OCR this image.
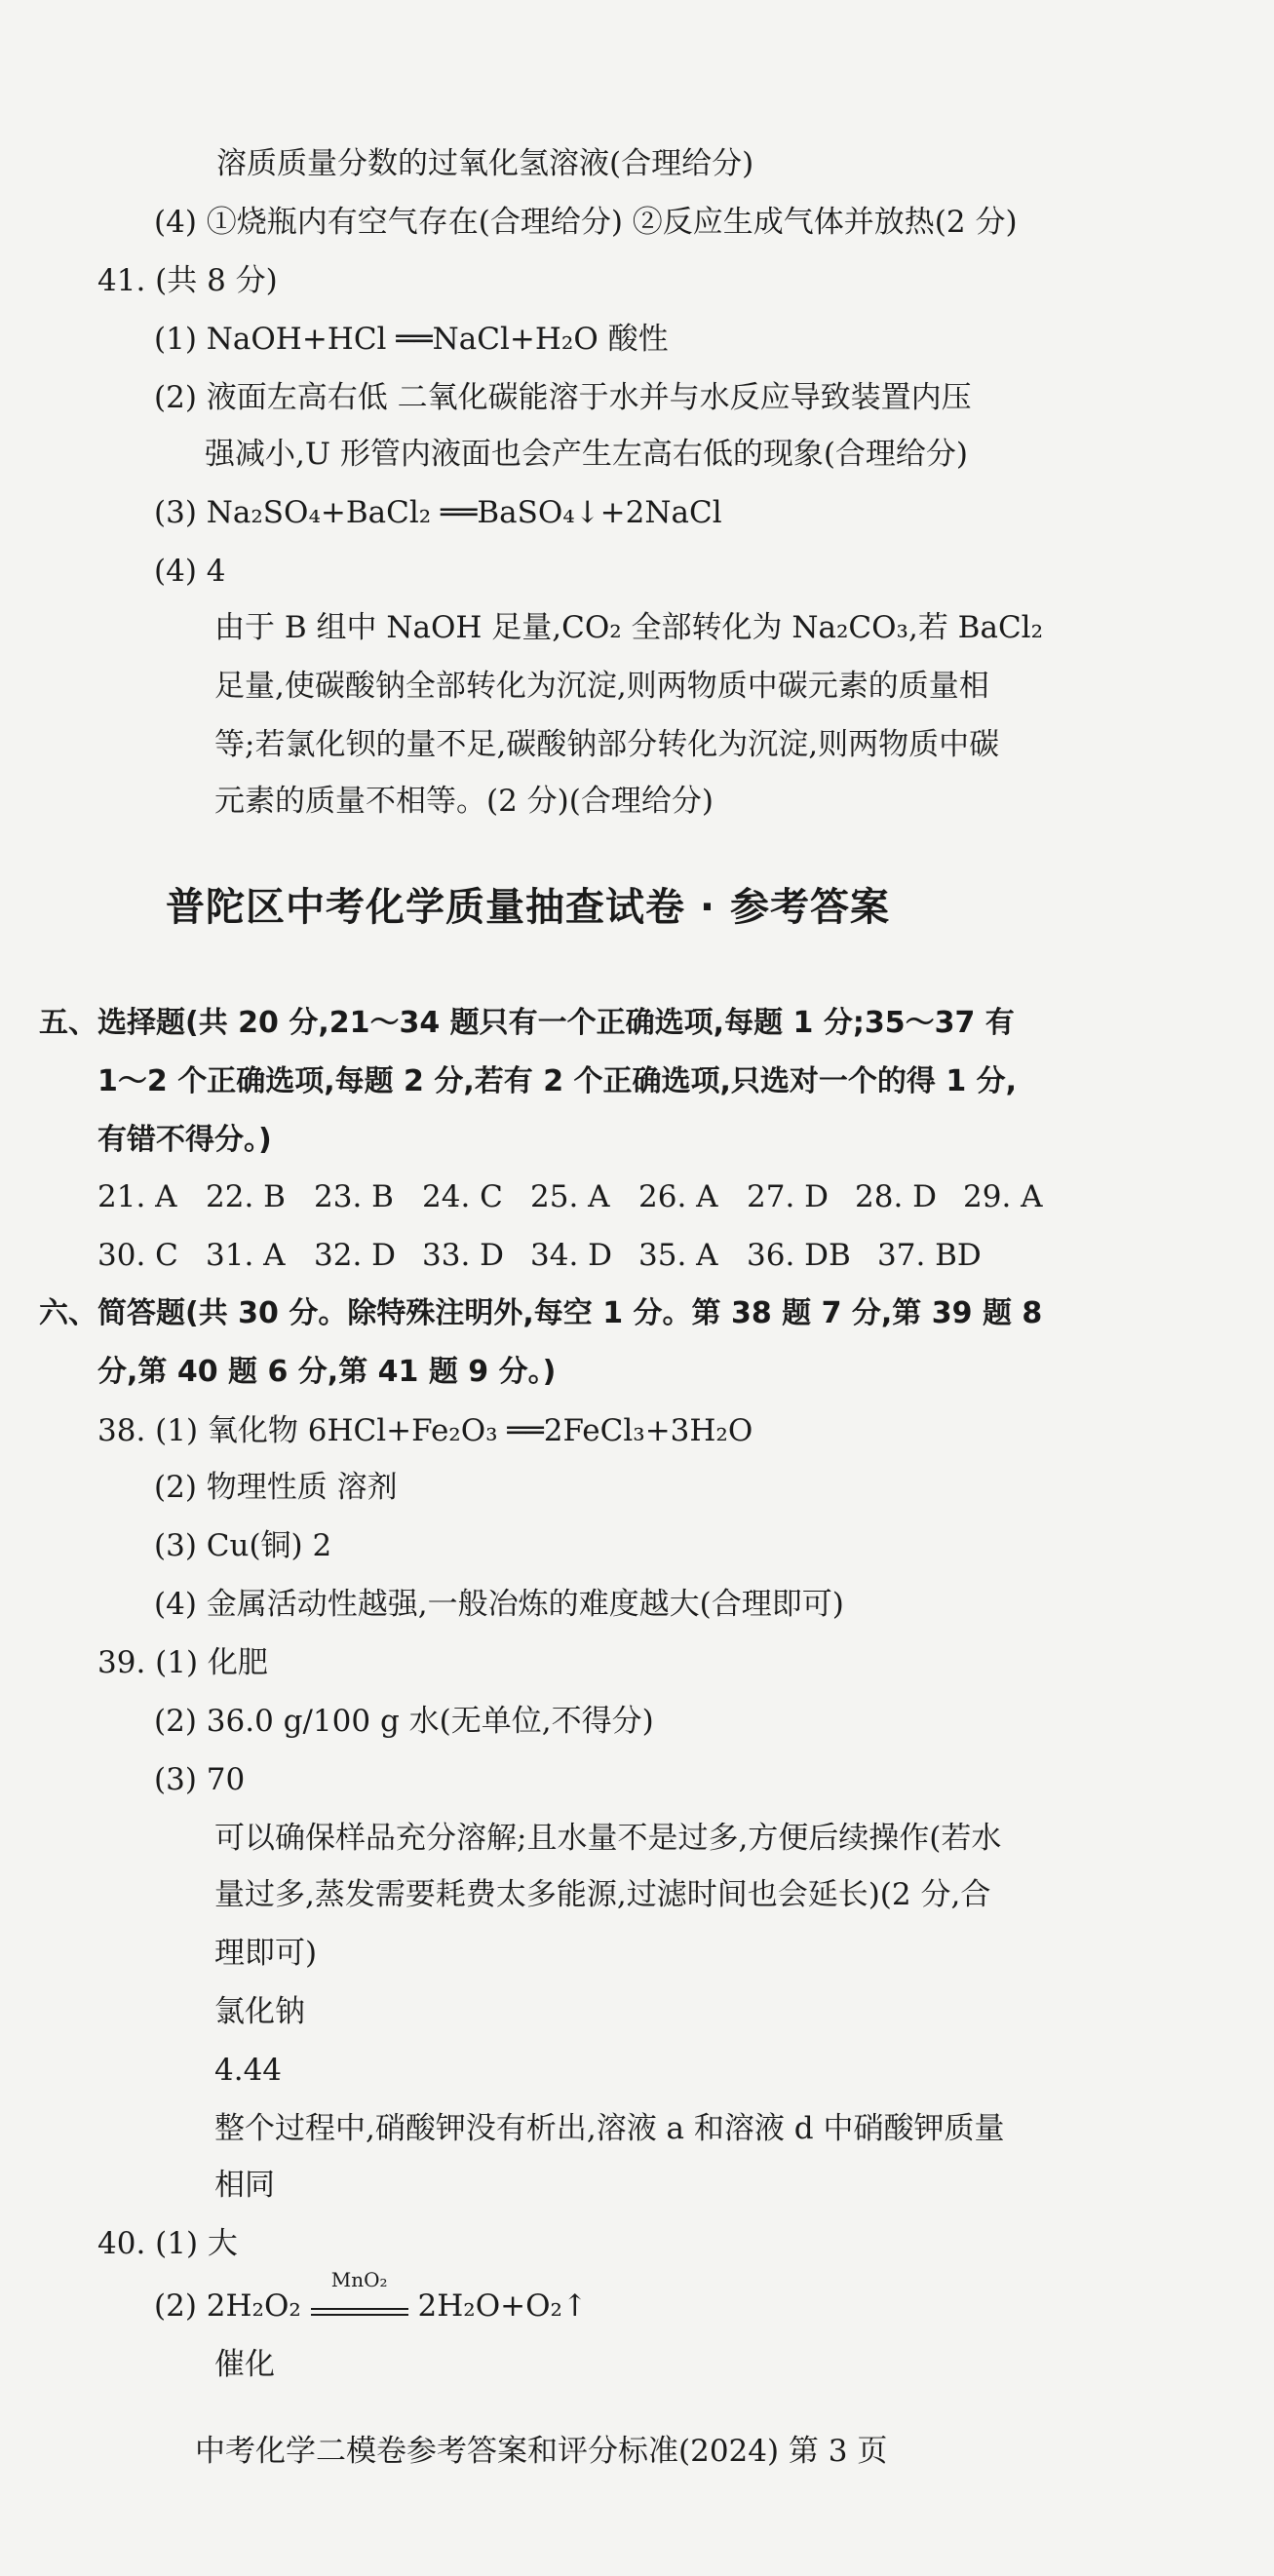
溶质质量分数的过氧化氢溶液(合理给分)
(4) ①烧瓶内有空气存在(合理给分) ②反应生成气体并放热(2 分)
41. (共 8 分)
(1) NaOH+HCl ══NaCl+H₂O 酸性
(2) 液面左高右低 二氧化碳能溶于水并与水反应导致装置内压
强减小,U 形管内液面也会产生左高右低的现象(合理给分)
(3) Na₂SO₄+BaCl₂ ══BaSO₄↓+2NaCl
(4) 4
由于 B 组中 NaOH 足量,CO₂ 全部转化为 Na₂CO₃,若 BaCl₂
足量,使碳酸钠全部转化为沉淀,则两物质中碳元素的质量相
等;若氯化钡的量不足,碳酸钠部分转化为沉淀,则两物质中碳
元素的质量不相等。(2 分)(合理给分)
普陀区中考化学质量抽查试卷 · 参考答案
五、选择题(共 20 分,21～34 题只有一个正确选项,每题 1 分;35～37 有
1～2 个正确选项,每题 2 分,若有 2 个正确选项,只选对一个的得 1 分,
有错不得分。)
21. A 22. B 23. B 24. C 25. A 26. A 27. D 28. D 29. A
30. C 31. A 32. D 33. D 34. D 35. A 36. DB 37. BD
六、简答题(共 30 分。除特殊注明外,每空 1 分。第 38 题 7 分,第 39 题 8
分,第 40 题 6 分,第 41 题 9 分。)
38. (1) 氧化物 6HCl+Fe₂O₃ ══2FeCl₃+3H₂O
(2) 物理性质 溶剂
(3) Cu(铜) 2
(4) 金属活动性越强,一般冶炼的难度越大(合理即可)
39. (1) 化肥
(2) 36.0 g/100 g 水(无单位,不得分)
(3) 70
可以确保样品充分溶解;且水量不是过多,方便后续操作(若水
量过多,蒸发需要耗费太多能源,过滤时间也会延长)(2 分,合
理即可)
氯化钠
4.44
整个过程中,硝酸钾没有析出,溶液 a 和溶液 d 中硝酸钾质量
相同
40. (1) 大
(2) 2H₂O₂
MnO₂
2H₂O+O₂↑
催化
中考化学二模卷参考答案和评分标准(2024) 第 3 页
